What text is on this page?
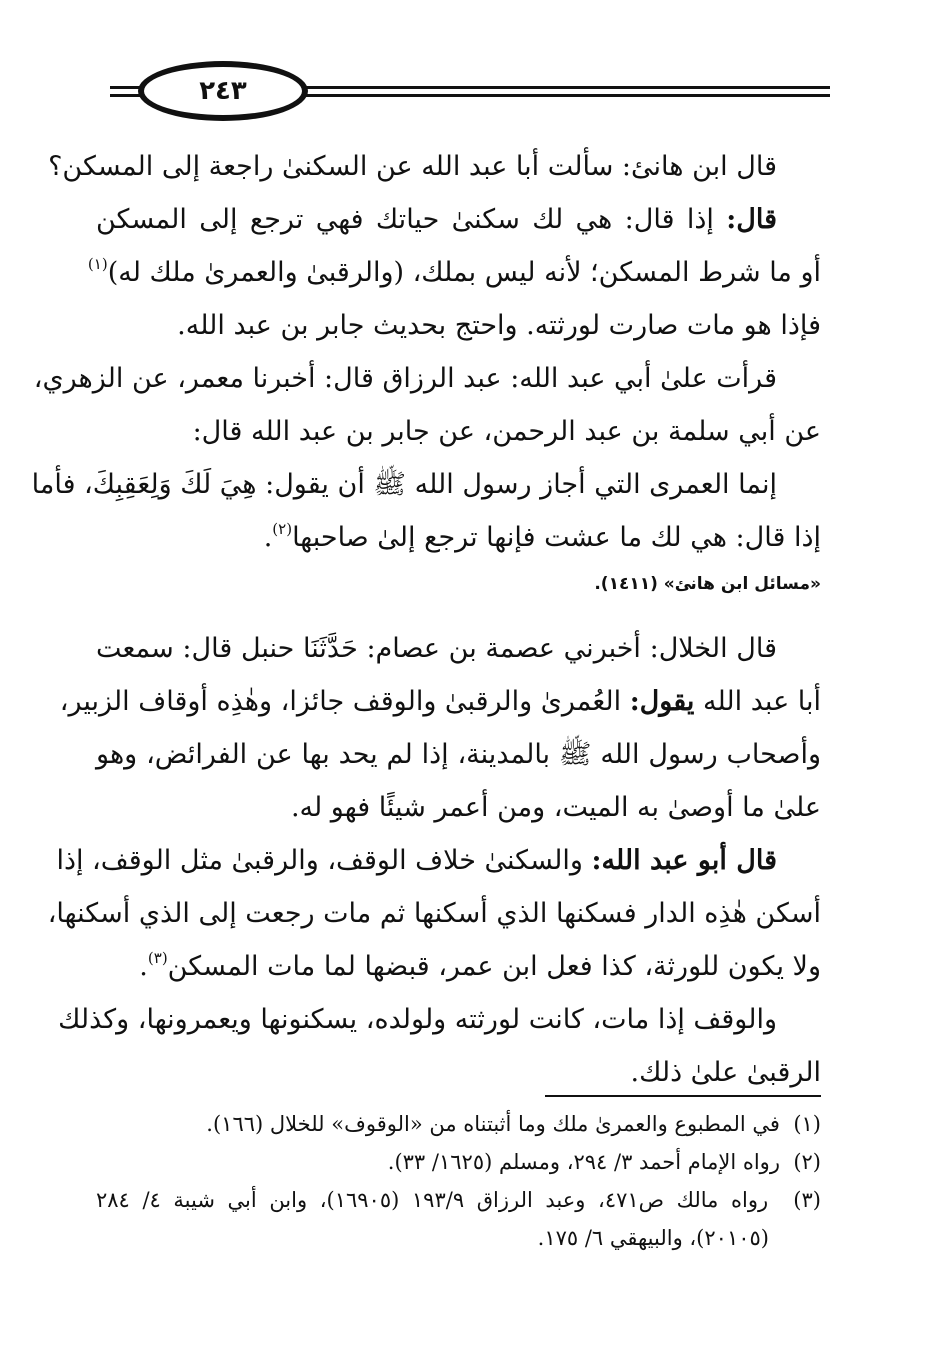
٢٤٣
قال ابن هانئ: سألت أبا عبد الله عن السكنىٰ راجعة إلى المسكن؟
قال: إذا قال: هي لك سكنىٰ حياتك فهي ترجع إلى المسكن
أو ما شرط المسكن؛ لأنه ليس بملك، (والرقبىٰ والعمرىٰ ملك له)$^{(١)}$
فإذا هو مات صارت لورثته. واحتج بحديث جابر بن عبد الله.
قرأت علىٰ أبي عبد الله: عبد الرزاق قال: أخبرنا معمر، عن الزهري،
عن أبي سلمة بن عبد الرحمن، عن جابر بن عبد الله قال:
إنما العمرى التي أجاز رسول الله ﷺ أن يقول: هِيَ لَكَ وَلِعَقِبِكَ، فأما
إذا قال: هي لك ما عشت فإنها ترجع إلىٰ صاحبها$^{(٢)}$.
«مسائل ابن هانئ» (١٤١١).
قال الخلال: أخبرني عصمة بن عصام: حَدَّثَنَا حنبل قال: سمعت
أبا عبد الله يقول: العُمرىٰ والرقبىٰ والوقف جائزا، وهٰذِه أوقاف الزبير،
وأصحاب رسول الله ﷺ بالمدينة، إذا لم يحد بها عن الفرائض، وهو
علىٰ ما أوصىٰ به الميت، ومن أعمر شيئًا فهو له.
قال أبو عبد الله: والسكنىٰ خلاف الوقف، والرقبىٰ مثل الوقف، إذا
أسكن هٰذِه الدار فسكنها الذي أسكنها ثم مات رجعت إلى الذي أسكنها،
ولا يكون للورثة، كذا فعل ابن عمر، قبضها لما مات المسكن$^{(٣)}$.
والوقف إذا مات، كانت لورثته ولولده، يسكنونها ويعمرونها، وكذلك
الرقبىٰ علىٰ ذلك.
(١)  في المطبوع والعمرىٰ ملك وما أثبتناه من «الوقوف» للخلال (١٦٦).
(٢)  رواه الإمام أحمد ٣/ ٢٩٤، ومسلم (١٦٢٥/ ٣٣).
(٣)  رواه مالك ص٤٧١، وعبد الرزاق ١٩٣/٩ (١٦٩٠٥)، وابن أبي شيبة ٤/ ٢٨٤
(٢٠١٠٥)، والبيهقي ٦/ ١٧٥.
